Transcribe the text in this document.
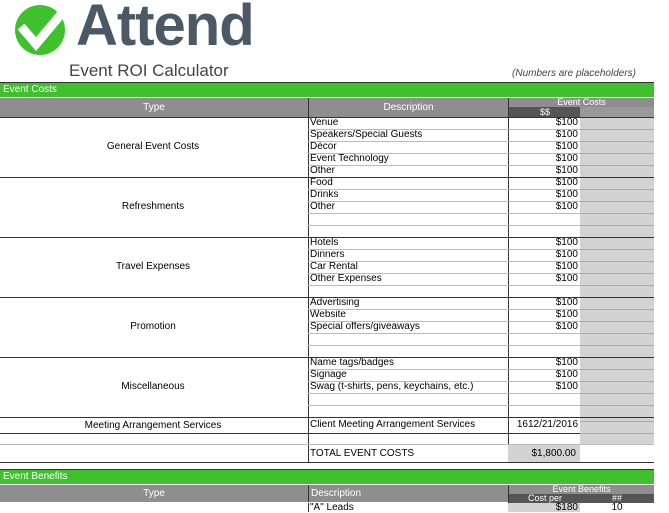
Attend
Event ROI Calculator	(Numbers are placeholders)
Event Costs
Type	Description	Event Costs
$$
General Event Costs
Venue	$100
Speakers/Special Guests	$100
Décor	$100
Event Technology	$100
Other	$100
Refreshments
Food	$100
Drinks	$100
Other	$100
Travel Expenses
Hotels	$100
Dinners	$100
Car Rental	$100
Other Expenses	$100
Promotion
Advertising	$100
Website	$100
Special offers/giveaways	$100
Miscellaneous
Name tags/badges	$100
Signage	$100
Swag (t-shirts, pens, keychains, etc.)	$100
Meeting Arrangement Services	Client Meeting Arrangement Services	1612/21/2016
TOTAL EVENT COSTS	$1,800.00
Event Benefits
Type	Description	Event Benefits
Cost per	##
"A" Leads	$180	10
